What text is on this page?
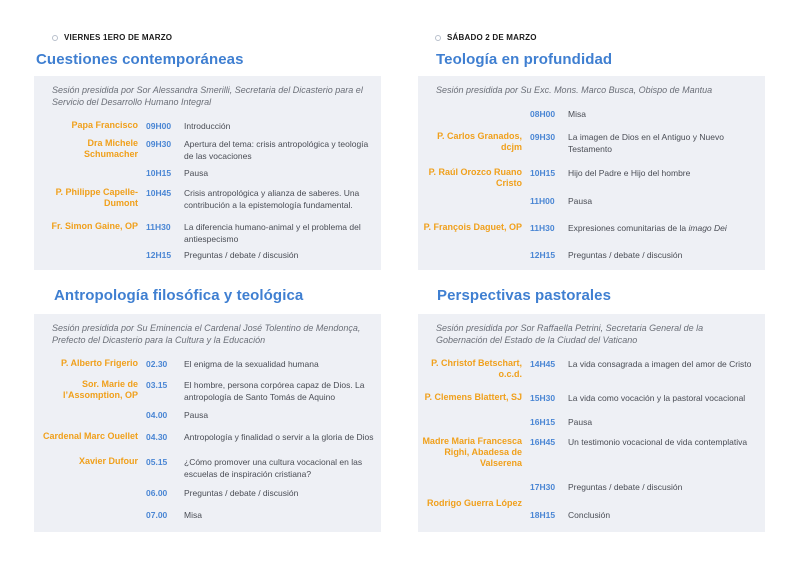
VIERNES 1ERO DE MARZO
Cuestiones contemporáneas
Sesión presidida por Sor Alessandra Smerilli, Secretaria del Dicasterio para el Servicio del Desarrollo Humano Integral
Papa Francisco 09H00 Introducción
Dra Michele Schumacher
09H30 Apertura del tema: crisis antropológica y teología de las vocaciones
10H15 Pausa
P. Philippe Capelle-Dumont
10H45 Crisis antropológica y alianza de saberes. Una contribución a la epistemología fundamental.
Fr. Simon Gaine, OP 11H30 La diferencia humano-animal y el problema del antiespecismo
12H15 Preguntas / debate / discusión
Antropología filosófica y teológica
Sesión presidida por Su Eminencia el Cardenal José Tolentino de Mendonça, Prefecto del Dicasterio para la Cultura y la Educación
P. Alberto Frigerio 02.30 El enigma de la sexualidad humana
Sor. Marie de l’Assomption, OP
03.15 El hombre, persona corpórea capaz de Dios. La antropología de Santo Tomás de Aquino
04.00 Pausa
Cardenal Marc Ouellet 04.30 Antropología y finalidad o servir a la gloria de Dios
Xavier Dufour 05.15 ¿Cómo promover una cultura vocacional en las escuelas de inspiración cristiana?
06.00 Preguntas / debate / discusión
07.00 Misa
SÁBADO 2 DE MARZO
Teología en profundidad
Sesión presidida por Su Exc. Mons. Marco Busca, Obispo de Mantua
08H00 Misa
P. Carlos Granados, dcjm
09H30 La imagen de Dios en el Antiguo y Nuevo Testamento
P. Raúl Orozco Ruano Cristo
10H15 Hijo del Padre e Hijo del hombre
11H00 Pausa
P. François Daguet, OP 11H30 Expresiones comunitarias de la imago Dei
12H15 Preguntas / debate / discusión
Perspectivas pastorales
Sesión presidida por Sor Raffaella Petrini, Secretaria General de la Gobernación del Estado de la Ciudad del Vaticano
P. Christof Betschart, o.c.d.
14H45 La vida consagrada a imagen del amor de Cristo
P. Clemens Blattert, SJ 15H30 La vida como vocación y la pastoral vocacional
16H15 Pausa
Madre Maria Francesca Righi, Abadesa de Valserena
16H45 Un testimonio vocacional de vida contemplativa
17H30 Preguntas / debate / discusión
Rodrigo Guerra López
18H15 Conclusión
